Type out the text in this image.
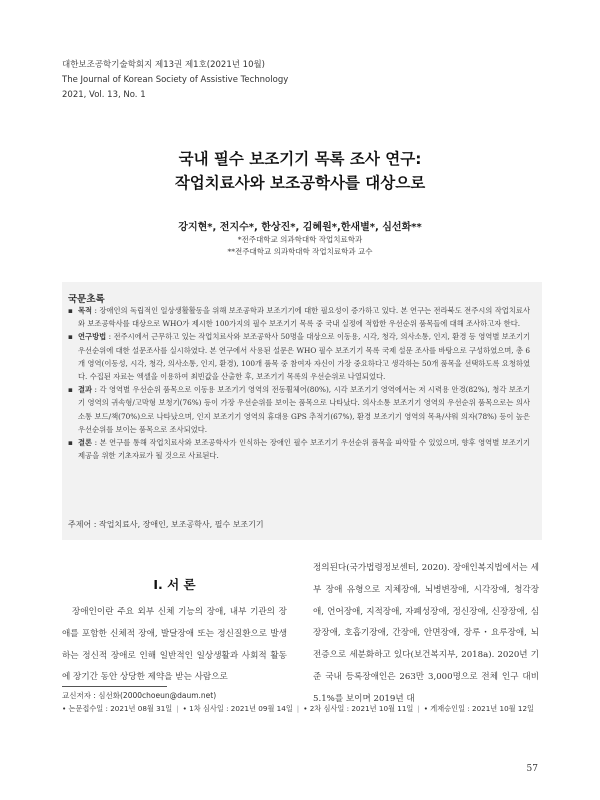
대한보조공학기술학회지 제13권 제1호(2021년 10월)
The Journal of Korean Society of Assistive Technology
2021, Vol. 13, No. 1
국내 필수 보조기기 목록 조사 연구:
작업치료사와 보조공학사를 대상으로
강지현*, 전지수*, 한상진*, 김혜원*,한새별*, 심선화**
*전주대학교 의과학대학 작업치료학과
**전주대학교 의과학대학 작업치료학과 교수
국문초록
▪ 목적 : 장애인의 독립적인 일상생활활동을 위해 보조공학과 보조기기에 대한 필요성이 증가하고 있다. 본 연구는 전라북도 전주시의 작업치료사와 보조공학사를 대상으로 WHO가 제시한 100가지의 필수 보조기기 목록 중 국내 실정에 적합한 우선순위 품목들에 대해 조사하고자 한다.
▪ 연구방법 : 전주시에서 근무하고 있는 작업치료사와 보조공학사 50명을 대상으로 이동용, 시각, 청각, 의사소통, 인지, 환경 등 영역별 보조기기 우선순위에 대한 설문조사를 실시하였다. 본 연구에서 사용된 설문은 WHO 필수 보조기기 목록 국제 설문 조사를 바탕으로 구성하였으며, 총 6개 영역(이동성, 시각, 청각, 의사소통, 인지, 환경), 100개 품목 중 참여자 자신이 가장 중요하다고 생각하는 50개 품목을 선택하도록 요청하였다. 수집된 자료는 엑셀을 이용하여 최빈값을 산출한 후, 보조기기 목록의 우선순위로 나열되었다.
▪ 결과 : 각 영역별 우선순위 품목으로 이동용 보조기기 영역의 전동휠체어(80%), 시각 보조기기 영역에서는 저 시력용 안경(82%), 청각 보조기기 영역의 귀속형/고막형 보청기(76%) 등이 가장 우선순위를 보이는 품목으로 나타났다. 의사소통 보조기기 영역의 우선순위 품목으로는 의사소통 보드/책(70%)으로 나타났으며, 인지 보조기기 영역의 휴대용 GPS 추적기(67%), 환경 보조기기 영역의 목욕/샤워 의자(78%) 등이 높은 우선순위를 보이는 품목으로 조사되었다.
▪ 결론 : 본 연구를 통해 작업치료사와 보조공학사가 인식하는 장애인 필수 보조기기 우선순위 품목을 파악할 수 있었으며, 향후 영역별 보조기기 제공을 위한 기초자료가 될 것으로 사료된다.
주제어 : 작업치료사, 장애인, 보조공학사, 필수 보조기기
I. 서 론
장애인이란 주요 외부 신체 기능의 장애, 내부 기관의 장애를 포함한 신체적 장애, 발달장애 또는 정신질환으로 발생하는 정신적 장애로 인해 일반적인 일상생활과 사회적 활동에 장기간 동안 상당한 제약을 받는 사람으로
정의된다(국가법령정보센터, 2020). 장애인복지법에서는 세부 장애 유형으로 지체장애, 뇌병변장애, 시각장애, 청각장애, 언어장애, 지적장애, 자폐성장애, 정신장애, 신장장애, 심장장애, 호흡기장애, 간장애, 안면장애, 장루・요루장애, 뇌전증으로 세분화하고 있다(보건복지부, 2018a). 2020년 기준 국내 등록장애인은 263만 3,000명으로 전체 인구 대비 5.1%를 보이며 2019년 대
교신저자 : 심선화(2000choeun@daum.net)
• 논문접수일 : 2021년 08월 31일 | • 1차 심사일 : 2021년 09월 14일 | • 2차 심사일 : 2021년 10월 11일 | • 게재승인일 : 2021년 10월 12일
57
